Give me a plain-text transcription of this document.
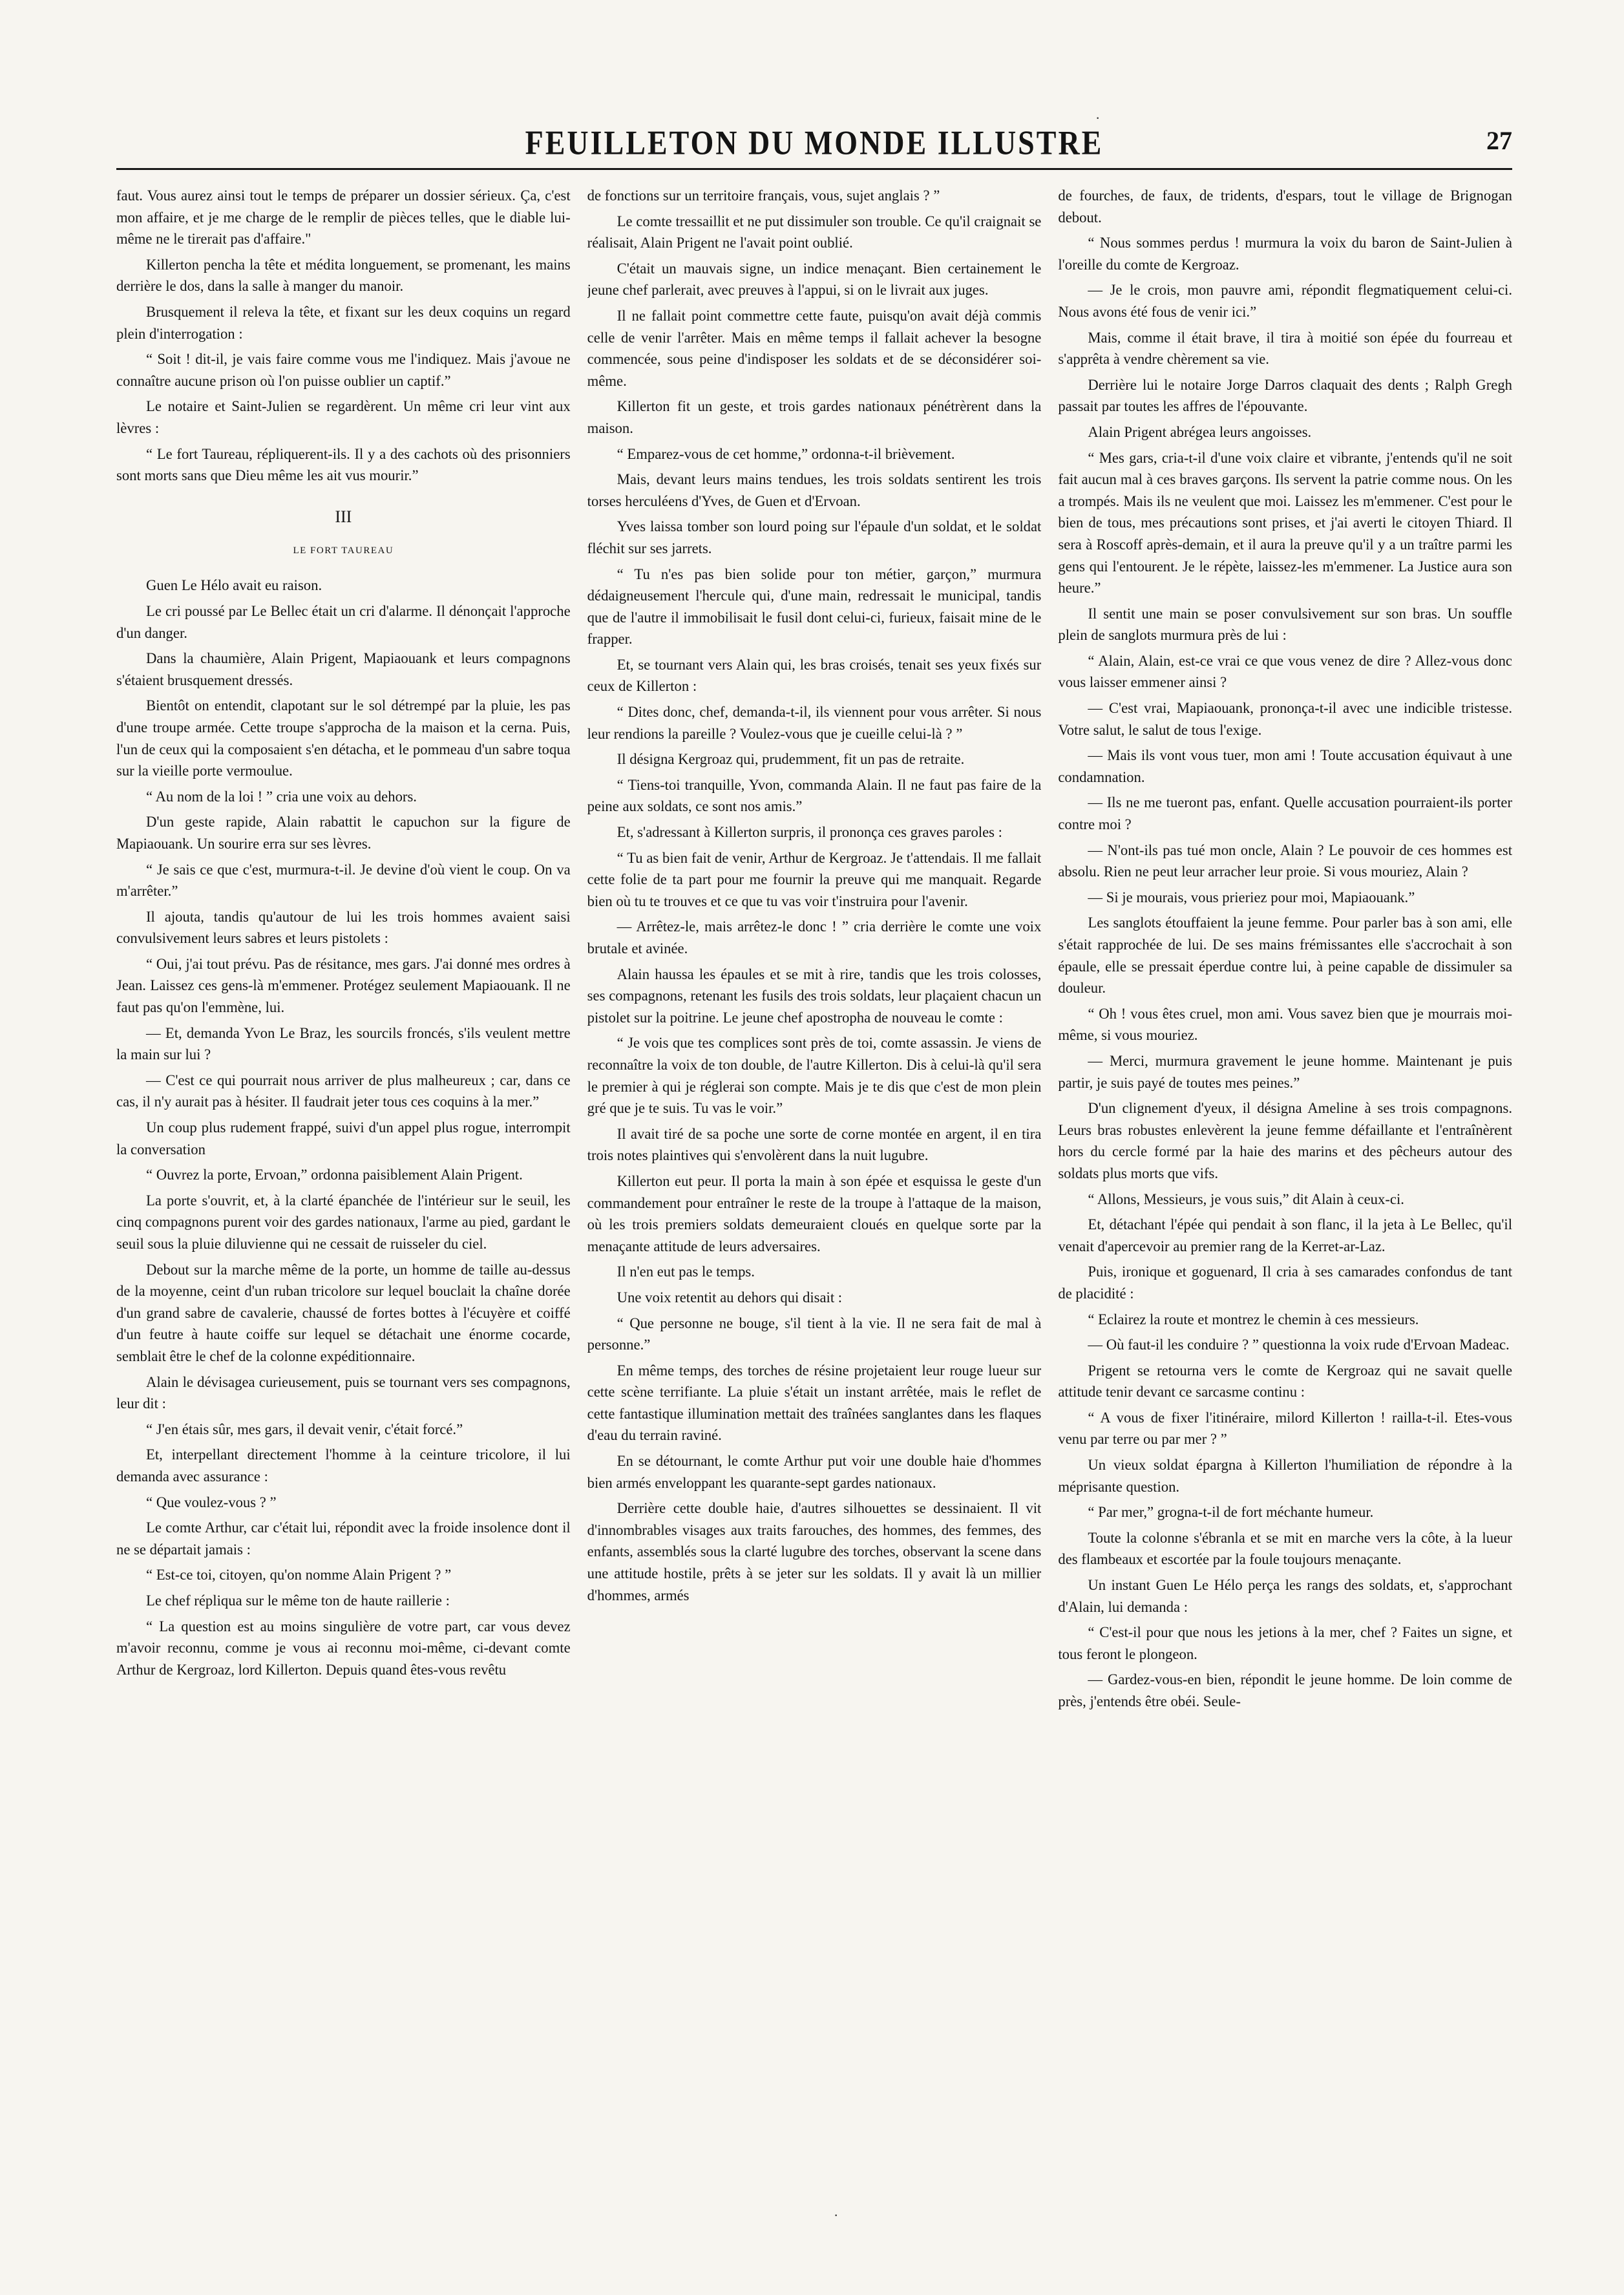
FEUILLETON DU MONDE ILLUSTRE	27

faut. Vous aurez ainsi tout le temps de préparer un dossier sérieux. Ça, c'est mon affaire, et je me charge de le remplir de pièces telles, que le diable lui-même ne le tirerait pas d'affaire."

Killerton pencha la tête et médita longuement, se promenant, les mains derrière le dos, dans la salle à manger du manoir.

Brusquement il releva la tête, et fixant sur les deux coquins un regard plein d'interrogation :

“ Soit ! dit-il, je vais faire comme vous me l'indiquez. Mais j'avoue ne connaître aucune prison où l'on puisse oublier un captif.”

Le notaire et Saint-Julien se regardèrent. Un même cri leur vint aux lèvres :

“ Le fort Taureau, répliquerent-ils. Il y a des cachots où des prisonniers sont morts sans que Dieu même les ait vus mourir.”

III
LE FORT TAUREAU

Guen Le Hélo avait eu raison.

Le cri poussé par Le Bellec était un cri d'alarme. Il dénonçait l'approche d'un danger.

Dans la chaumière, Alain Prigent, Mapiaouank et leurs compagnons s'étaient brusquement dressés.

Bientôt on entendit, clapotant sur le sol détrempé par la pluie, les pas d'une troupe armée. Cette troupe s'approcha de la maison et la cerna. Puis, l'un de ceux qui la composaient s'en détacha, et le pommeau d'un sabre toqua sur la vieille porte vermoulue.

“ Au nom de la loi ! ” cria une voix au dehors.

D'un geste rapide, Alain rabattit le capuchon sur la figure de Mapiaouank. Un sourire erra sur ses lèvres.

“ Je sais ce que c'est, murmura-t-il. Je devine d'où vient le coup. On va m'arrêter.”

Il ajouta, tandis qu'autour de lui les trois hommes avaient saisi convulsivement leurs sabres et leurs pistolets :

“ Oui, j'ai tout prévu. Pas de résitance, mes gars. J'ai donné mes ordres à Jean. Laissez ces gens-là m'emmener. Protégez seulement Mapiaouank. Il ne faut pas qu'on l'emmène, lui.

— Et, demanda Yvon Le Braz, les sourcils froncés, s'ils veulent mettre la main sur lui ?

— C'est ce qui pourrait nous arriver de plus malheureux ; car, dans ce cas, il n'y aurait pas à hésiter. Il faudrait jeter tous ces coquins à la mer.”

Un coup plus rudement frappé, suivi d'un appel plus rogue, interrompit la conversation

“ Ouvrez la porte, Ervoan,” ordonna paisiblement Alain Prigent.

La porte s'ouvrit, et, à la clarté épanchée de l'intérieur sur le seuil, les cinq compagnons purent voir des gardes nationaux, l'arme au pied, gardant le seuil sous la pluie diluvienne qui ne cessait de ruisseler du ciel.

Debout sur la marche même de la porte, un homme de taille au-dessus de la moyenne, ceint d'un ruban tricolore sur lequel bouclait la chaîne dorée d'un grand sabre de cavalerie, chaussé de fortes bottes à l'écuyère et coiffé d'un feutre à haute coiffe sur lequel se détachait une énorme cocarde, semblait être le chef de la colonne expéditionnaire.

Alain le dévisagea curieusement, puis se tournant vers ses compagnons, leur dit :

“ J'en étais sûr, mes gars, il devait venir, c'était forcé.”

Et, interpellant directement l'homme à la ceinture tricolore, il lui demanda avec assurance :

“ Que voulez-vous ? ”

Le comte Arthur, car c'était lui, répondit avec la froide insolence dont il ne se départait jamais :

“ Est-ce toi, citoyen, qu'on nomme Alain Prigent ? ”

Le chef répliqua sur le même ton de haute raillerie :

“ La question est au moins singulière de votre part, car vous devez m'avoir reconnu, comme je vous ai reconnu moi-même, ci-devant comte Arthur de Kergroaz, lord Killerton. Depuis quand êtes-vous revêtu

de fonctions sur un territoire français, vous, sujet anglais ? ”

Le comte tressaillit et ne put dissimuler son trouble. Ce qu'il craignait se réalisait, Alain Prigent ne l'avait point oublié.

C'était un mauvais signe, un indice menaçant. Bien certainement le jeune chef parlerait, avec preuves à l'appui, si on le livrait aux juges.

Il ne fallait point commettre cette faute, puisqu'on avait déjà commis celle de venir l'arrêter. Mais en même temps il fallait achever la besogne commencée, sous peine d'indisposer les soldats et de se déconsidérer soi-même.

Killerton fit un geste, et trois gardes nationaux pénétrèrent dans la maison.

“ Emparez-vous de cet homme,” ordonna-t-il brièvement.

Mais, devant leurs mains tendues, les trois soldats sentirent les trois torses herculéens d'Yves, de Guen et d'Ervoan.

Yves laissa tomber son lourd poing sur l'épaule d'un soldat, et le soldat fléchit sur ses jarrets.

“ Tu n'es pas bien solide pour ton métier, garçon,” murmura dédaigneusement l'hercule qui, d'une main, redressait le municipal, tandis que de l'autre il immobilisait le fusil dont celui-ci, furieux, faisait mine de le frapper.

Et, se tournant vers Alain qui, les bras croisés, tenait ses yeux fixés sur ceux de Killerton :

“ Dites donc, chef, demanda-t-il, ils viennent pour vous arrêter. Si nous leur rendions la pareille ? Voulez-vous que je cueille celui-là ? ”

Il désigna Kergroaz qui, prudemment, fit un pas de retraite.

“ Tiens-toi tranquille, Yvon, commanda Alain. Il ne faut pas faire de la peine aux soldats, ce sont nos amis.”

Et, s'adressant à Killerton surpris, il prononça ces graves paroles :

“ Tu as bien fait de venir, Arthur de Kergroaz. Je t'attendais. Il me fallait cette folie de ta part pour me fournir la preuve qui me manquait. Regarde bien où tu te trouves et ce que tu vas voir t'instruira pour l'avenir.

— Arrêtez-le, mais arrêtez-le donc ! ” cria derrière le comte une voix brutale et avinée.

Alain haussa les épaules et se mit à rire, tandis que les trois colosses, ses compagnons, retenant les fusils des trois soldats, leur plaçaient chacun un pistolet sur la poitrine. Le jeune chef apostropha de nouveau le comte :

“ Je vois que tes complices sont près de toi, comte assassin. Je viens de reconnaître la voix de ton double, de l'autre Killerton. Dis à celui-là qu'il sera le premier à qui je réglerai son compte. Mais je te dis que c'est de mon plein gré que je te suis. Tu vas le voir.”

Il avait tiré de sa poche une sorte de corne montée en argent, il en tira trois notes plaintives qui s'envolèrent dans la nuit lugubre.

Killerton eut peur. Il porta la main à son épée et esquissa le geste d'un commandement pour entraîner le reste de la troupe à l'attaque de la maison, où les trois premiers soldats demeuraient cloués en quelque sorte par la menaçante attitude de leurs adversaires.

Il n'en eut pas le temps.

Une voix retentit au dehors qui disait :

“ Que personne ne bouge, s'il tient à la vie. Il ne sera fait de mal à personne.”

En même temps, des torches de résine projetaient leur rouge lueur sur cette scène terrifiante. La pluie s'était un instant arrêtée, mais le reflet de cette fantastique illumination mettait des traînées sanglantes dans les flaques d'eau du terrain raviné.

En se détournant, le comte Arthur put voir une double haie d'hommes bien armés enveloppant les quarante-sept gardes nationaux.

Derrière cette double haie, d'autres silhouettes se dessinaient. Il vit d'innombrables visages aux traits farouches, des hommes, des femmes, des enfants, assemblés sous la clarté lugubre des torches, observant la scene dans une attitude hostile, prêts à se jeter sur les soldats. Il y avait là un millier d'hommes, armés

de fourches, de faux, de tridents, d'espars, tout le village de Brignogan debout.

“ Nous sommes perdus ! murmura la voix du baron de Saint-Julien à l'oreille du comte de Kergroaz.

— Je le crois, mon pauvre ami, répondit flegmatiquement celui-ci. Nous avons été fous de venir ici.”

Mais, comme il était brave, il tira à moitié son épée du fourreau et s'apprêta à vendre chèrement sa vie.

Derrière lui le notaire Jorge Darros claquait des dents ; Ralph Gregh passait par toutes les affres de l'épouvante.

Alain Prigent abrégea leurs angoisses.

“ Mes gars, cria-t-il d'une voix claire et vibrante, j'entends qu'il ne soit fait aucun mal à ces braves garçons. Ils servent la patrie comme nous. On les a trompés. Mais ils ne veulent que moi. Laissez les m'emmener. C'est pour le bien de tous, mes précautions sont prises, et j'ai averti le citoyen Thiard. Il sera à Roscoff après-demain, et il aura la preuve qu'il y a un traître parmi les gens qui l'entourent. Je le répète, laissez-les m'emmener. La Justice aura son heure.”

Il sentit une main se poser convulsivement sur son bras. Un souffle plein de sanglots murmura près de lui :

“ Alain, Alain, est-ce vrai ce que vous venez de dire ? Allez-vous donc vous laisser emmener ainsi ?

— C'est vrai, Mapiaouank, prononça-t-il avec une indicible tristesse. Votre salut, le salut de tous l'exige.

— Mais ils vont vous tuer, mon ami ! Toute accusation équivaut à une condamnation.

— Ils ne me tueront pas, enfant. Quelle accusation pourraient-ils porter contre moi ?

— N'ont-ils pas tué mon oncle, Alain ? Le pouvoir de ces hommes est absolu. Rien ne peut leur arracher leur proie. Si vous mouriez, Alain ?

— Si je mourais, vous prieriez pour moi, Mapiaouank.”

Les sanglots étouffaient la jeune femme. Pour parler bas à son ami, elle s'était rapprochée de lui. De ses mains frémissantes elle s'accrochait à son épaule, elle se pressait éperdue contre lui, à peine capable de dissimuler sa douleur.

“ Oh ! vous êtes cruel, mon ami. Vous savez bien que je mourrais moi-même, si vous mouriez.

— Merci, murmura gravement le jeune homme. Maintenant je puis partir, je suis payé de toutes mes peines.”

D'un clignement d'yeux, il désigna Ameline à ses trois compagnons. Leurs bras robustes enlevèrent la jeune femme défaillante et l'entraînèrent hors du cercle formé par la haie des marins et des pêcheurs autour des soldats plus morts que vifs.

“ Allons, Messieurs, je vous suis,” dit Alain à ceux-ci.

Et, détachant l'épée qui pendait à son flanc, il la jeta à Le Bellec, qu'il venait d'apercevoir au premier rang de la Kerret-ar-Laz.

Puis, ironique et goguenard, Il cria à ses camarades confondus de tant de placidité :

“ Eclairez la route et montrez le chemin à ces messieurs.

— Où faut-il les conduire ? ” questionna la voix rude d'Ervoan Madeac.

Prigent se retourna vers le comte de Kergroaz qui ne savait quelle attitude tenir devant ce sarcasme continu :

“ A vous de fixer l'itinéraire, milord Killerton ! railla-t-il. Etes-vous venu par terre ou par mer ? ”

Un vieux soldat épargna à Killerton l'humiliation de répondre à la méprisante question.

“ Par mer,” grogna-t-il de fort méchante humeur.

Toute la colonne s'ébranla et se mit en marche vers la côte, à la lueur des flambeaux et escortée par la foule toujours menaçante.

Un instant Guen Le Hélo perça les rangs des soldats, et, s'approchant d'Alain, lui demanda :

“ C'est-il pour que nous les jetions à la mer, chef ? Faites un signe, et tous feront le plongeon.

— Gardez-vous-en bien, répondit le jeune homme. De loin comme de près, j'entends être obéi. Seule-

·
·
